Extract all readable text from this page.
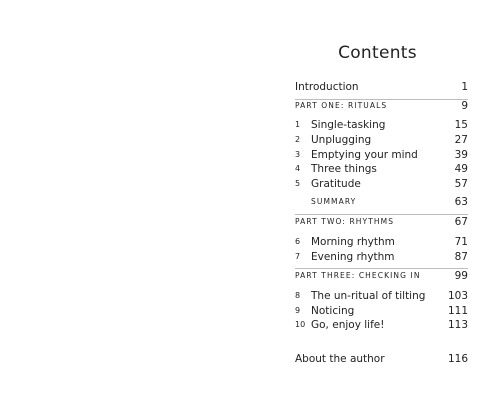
Contents
Introduction	1
PART ONE: RITUALS	9
1 Single-tasking	15
2 Unplugging	27
3 Emptying your mind	39
4 Three things	49
5 Gratitude	57
SUMMARY	63
PART TWO: RHYTHMS	67
6 Morning rhythm	71
7 Evening rhythm	87
PART THREE: CHECKING IN	99
8 The un-ritual of tilting 103
9 Noticing	111
10 Go, enjoy life!	113
About the author	116
